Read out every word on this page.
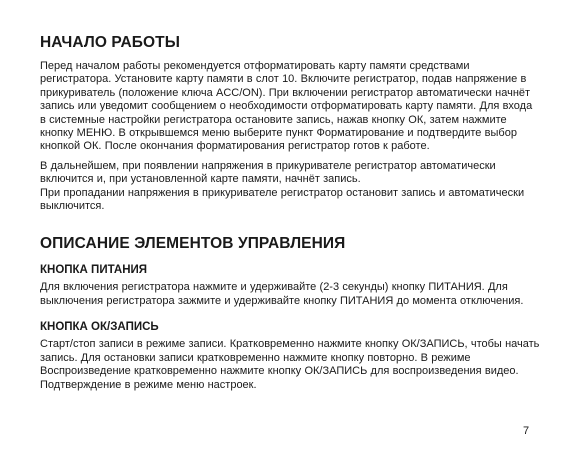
НАЧАЛО РАБОТЫ

Перед началом работы рекомендуется отформатировать карту памяти средствами регистратора. Установите карту памяти в слот 10. Включите регистратор, подав напряжение в прикуриватель (положение ключа ACC/ON). При включении регистратор автоматически начнёт запись или уведомит сообщением о необходимости отформатировать карту памяти. Для входа в системные настройки регистратора остановите запись, нажав кнопку ОК, затем нажмите кнопку МЕНЮ. В открывшемся меню выберите пункт Форматирование и подтвердите выбор кнопкой ОК. После окончания форматирования регистратор готов к работе.

В дальнейшем, при появлении напряжения в прикуривателе регистратор автоматически включится и, при установленной карте памяти, начнёт запись.

При пропадании напряжения в прикуривателе регистратор остановит запись и автоматически выключится.

ОПИСАНИЕ ЭЛЕМЕНТОВ УПРАВЛЕНИЯ
КНОПКА ПИТАНИЯ

Для включения регистратора нажмите и удерживайте (2-3 секунды) кнопку ПИТАНИЯ. Для выключения регистратора зажмите и удерживайте кнопку ПИТАНИЯ до момента отключения.

КНОПКА ОК/ЗАПИСЬ

Старт/стоп записи в режиме записи. Кратковременно нажмите кнопку ОК/ЗАПИСЬ, чтобы начать запись. Для остановки записи кратковременно нажмите кнопку повторно. В режиме Воспроизведение кратковременно нажмите кнопку ОК/ЗАПИСЬ для воспроизведения видео. Подтверждение в режиме меню настроек.

7
